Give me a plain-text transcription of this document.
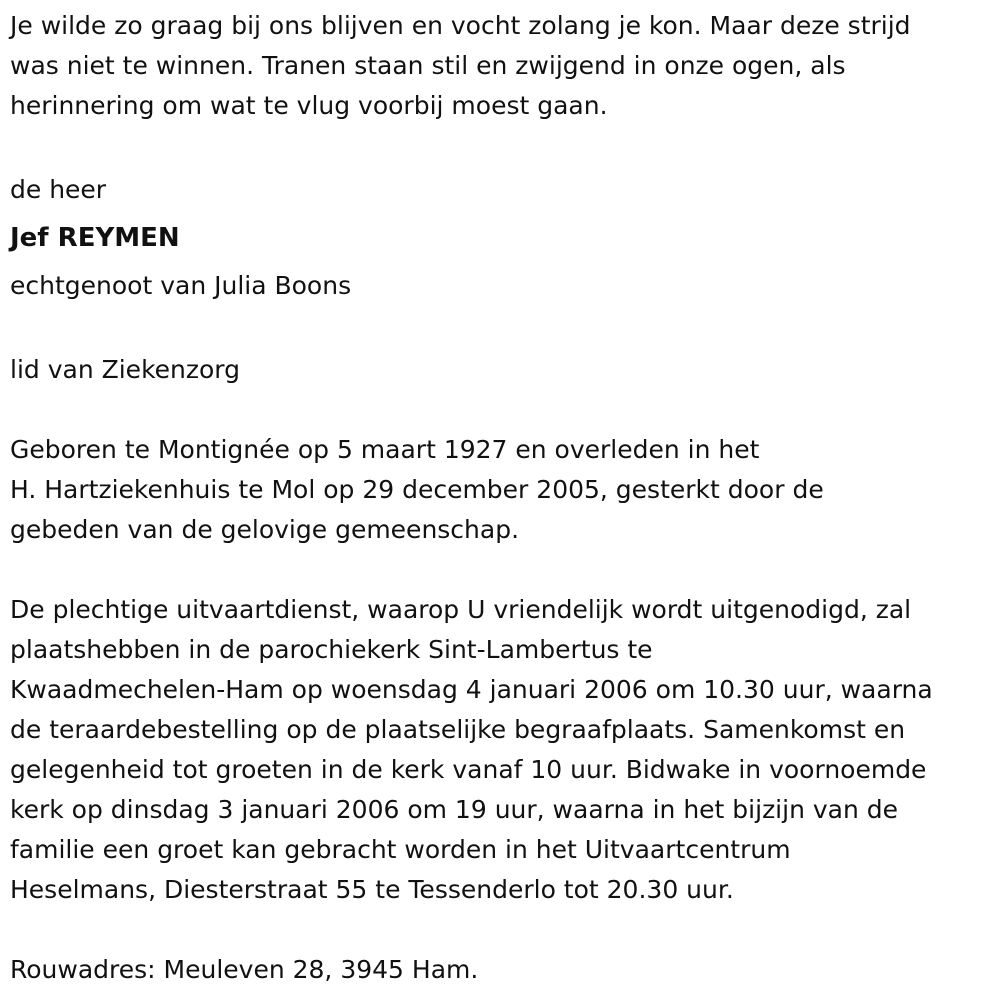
Je wilde zo graag bij ons blijven en vocht zolang je kon. Maar deze strijd

was niet te winnen. Tranen staan stil en zwijgend in onze ogen, als

herinnering om wat te vlug voorbij moest gaan.

de heer

Jef REYMEN

echtgenoot van Julia Boons

lid van Ziekenzorg

Geboren te Montignée op 5 maart 1927 en overleden in het

H. Hartziekenhuis te Mol op 29 december 2005, gesterkt door de

gebeden van de gelovige gemeenschap.

De plechtige uitvaartdienst, waarop U vriendelijk wordt uitgenodigd, zal

plaatshebben in de parochiekerk Sint-Lambertus te

Kwaadmechelen-Ham op woensdag 4 januari 2006 om 10.30 uur, waarna

de teraardebestelling op de plaatselijke begraafplaats. Samenkomst en

gelegenheid tot groeten in de kerk vanaf 10 uur. Bidwake in voornoemde

kerk op dinsdag 3 januari 2006 om 19 uur, waarna in het bijzijn van de

familie een groet kan gebracht worden in het Uitvaartcentrum

Heselmans, Diesterstraat 55 te Tessenderlo tot 20.30 uur.

Rouwadres: Meuleven 28, 3945 Ham.
